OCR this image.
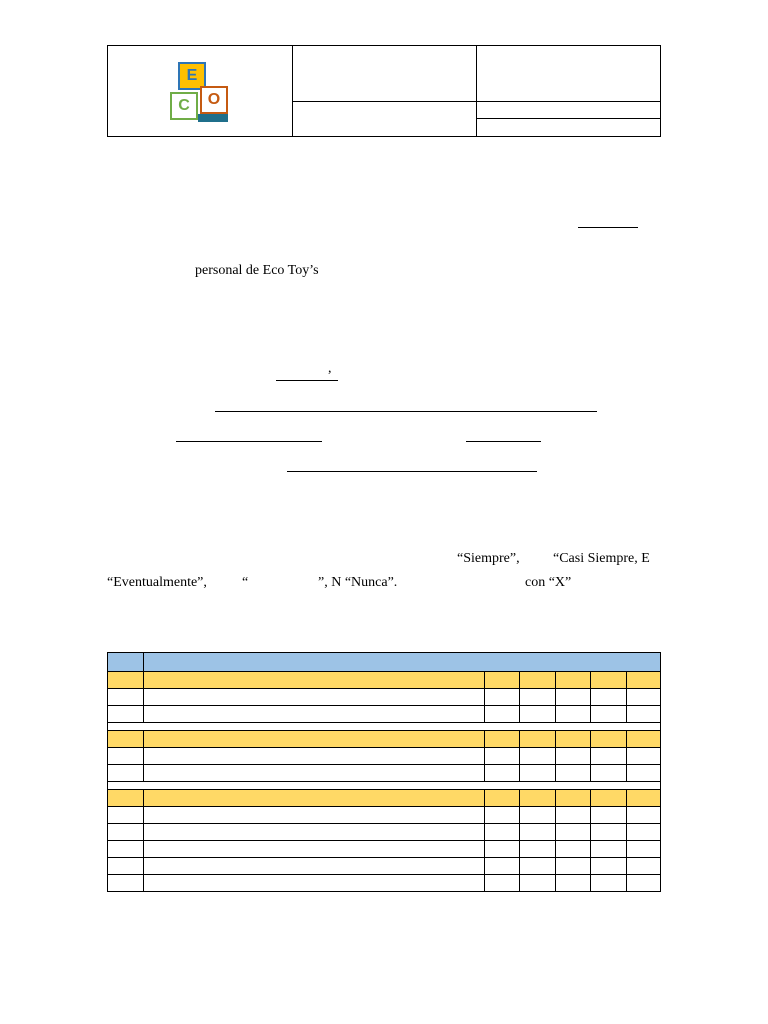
E
C O
personal de Eco Toy’s
,
“Siempre”, “Casi Siempre, E
“Eventualmente”,	“	”, N “Nunca”.	con “X”
